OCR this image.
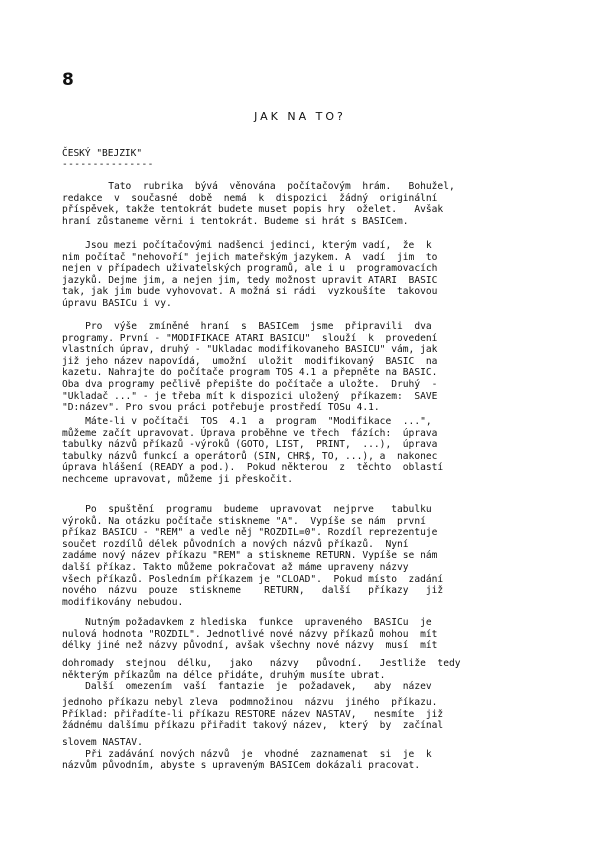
8
JAK NA TO?
ČESKÝ "BEJZIK"
---------------
Tato  rubrika  bývá  věnována  počítačovým  hrám.   Bohužel,
redakce  v  současné  době  nemá  k  dispozici  žádný  originální
příspěvek, takže tentokrát budete muset popis hry  oželet.   Avšak
hraní zůstaneme věrni i tentokrát. Budeme si hrát s BASICem.
Jsou mezi počítačovými nadšenci jedinci, kterým vadí,  že  k
nim počítač "nehovoří" jejich mateřským jazykem. A  vadí  jim  to
nejen v případech uživatelských programů, ale i u  programovacích
jazyků. Dejme jim, a nejen jim, tedy možnost upravit ATARI  BASIC
tak, jak jim bude vyhovovat. A možná si rádi  vyzkoušíte  takovou
úpravu BASICu i vy.
Pro  výše  zmíněné  hraní  s  BASICem  jsme  připravili  dva
programy. První - "MODIFIKACE ATARI BASICU"  slouží  k  provedení
vlastních úprav, druhý - "Ukladac modifikovaneho BASICU" vám, jak
již jeho název napovídá,  umožní  uložit  modifikovaný  BASIC  na
kazetu. Nahrajte do počítače program TOS 4.1 a přepněte na BASIC.
Oba dva programy pečlivě přepište do počítače a uložte.  Druhý  -
"Ukladač ..." - je třeba mít k dispozici uložený  příkazem:  SAVE
"D:název". Pro svou práci potřebuje prostředí TOSu 4.1.
Máte-li v počítači  TOS  4.1  a  program  "Modifikace  ...",
můžeme začít upravovat. Úprava proběhne ve třech  fázích:  úprava
tabulky názvů příkazů -výroků (GOTO, LIST,  PRINT,  ...),  úprava
tabulky názvů funkcí a operátorů (SIN, CHR$, TO, ...), a  nakonec
úprava hlášení (READY a pod.).  Pokud některou  z  těchto  oblastí
nechceme upravovat, můžeme ji přeskočit.
Po  spuštění  programu  budeme  upravovat  nejprve   tabulku
výroků. Na otázku počítače stiskneme "A".  Vypíše se nám  první
příkaz BASICU - "REM" a vedle něj "ROZDIL=0". Rozdíl reprezentuje
součet rozdílů délek původních a nových názvů příkazů.  Nyní
zadáme nový název příkazu "REM" a stiskneme RETURN. Vypíše se nám
další příkaz. Takto můžeme pokračovat až máme upraveny názvy
všech příkazů. Posledním příkazem je "CLOAD".  Pokud místo  zadání
nového  názvu  pouze  stiskneme    RETURN,   další   příkazy   již
modifikovány nebudou.
Nutným požadavkem z hlediska  funkce  upraveného  BASICu  je
nulová hodnota "ROZDIL". Jednotlivé nové názvy příkazů mohou  mít
délky jiné než názvy původní, avšak všechny nové názvy  musí  mít
dohromady  stejnou  délku,   jako   názvy   původní.   Jestliže  tedy
některým příkazům na délce přidáte, druhým musíte ubrat.
Další  omezením  vaší  fantazie  je  požadavek,   aby  název
jednoho příkazu nebyl zleva  podmnožinou  názvu  jiného  příkazu.
Příklad: přiřadíte-li příkazu RESTORE název NASTAV,   nesmíte  již
žádnému dalšímu příkazu přiřadit takový název,  který  by  začínal
slovem NASTAV.
Při zadávání nových názvů  je  vhodné  zaznamenat  si  je  k
názvům původním, abyste s upraveným BASICem dokázali pracovat.
